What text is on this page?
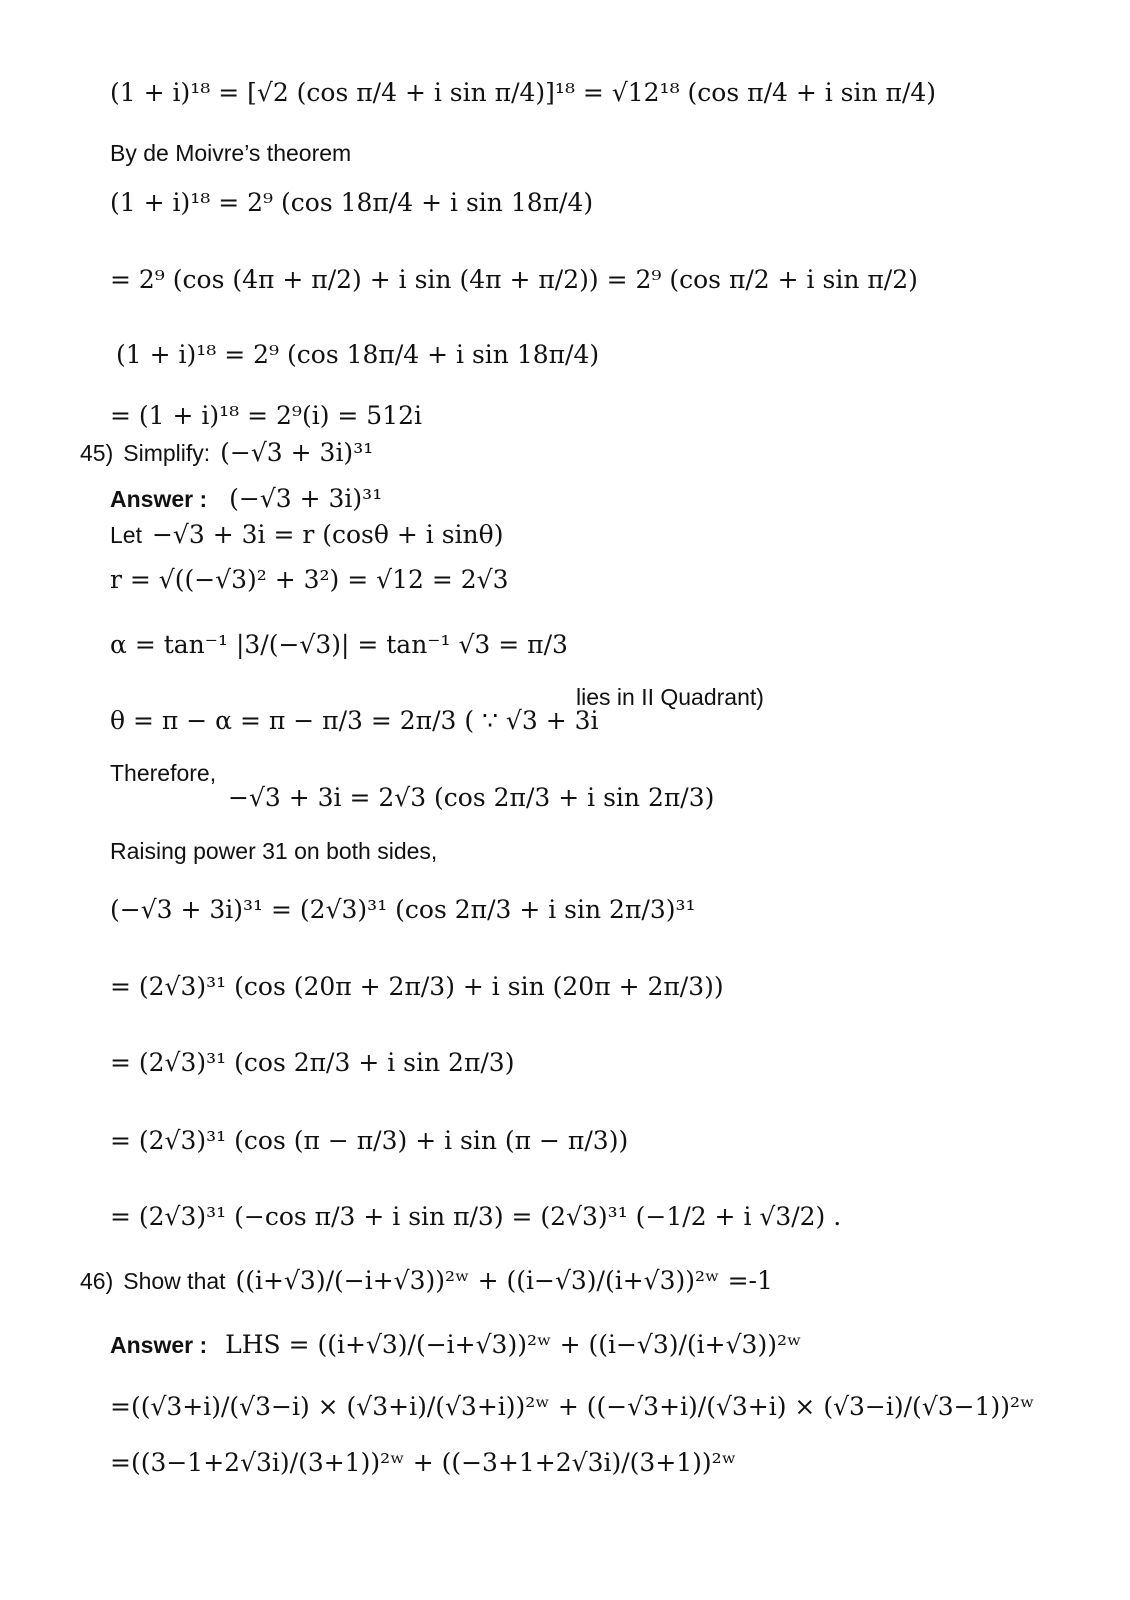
(1 + i)¹⁸ = [√2 (cos π/4 + i sin π/4)]¹⁸ = √12¹⁸ (cos π/4 + i sin π/4)
By de Moivre’s theorem
(1 + i)¹⁸ = 2⁹ (cos 18π/4 + i sin 18π/4)
= 2⁹ (cos (4π + π/2) + i sin (4π + π/2)) = 2⁹ (cos π/2 + i sin π/2)
(1 + i)¹⁸ = 2⁹ (cos 18π/4 + i sin 18π/4)
= (1 + i)¹⁸ = 2⁹(i) = 512i
45) Simplify: (−√3 + 3i)³¹
Answer : (−√3 + 3i)³¹
Let −√3 + 3i = r (cosθ + i sinθ)
r = √((−√3)² + 3²) = √12 = 2√3
α = tan⁻¹ |3/(−√3)| = tan⁻¹ √3 = π/3
θ = π − α = π − π/3 = 2π/3 ( ∵ √3 + 3i
lies in II Quadrant)
Therefore,
−√3 + 3i = 2√3 (cos 2π/3 + i sin 2π/3)
Raising power 31 on both sides,
(−√3 + 3i)³¹ = (2√3)³¹ (cos 2π/3 + i sin 2π/3)³¹
= (2√3)³¹ (cos (20π + 2π/3) + i sin (20π + 2π/3))
= (2√3)³¹ (cos 2π/3 + i sin 2π/3)
= (2√3)³¹ (cos (π − π/3) + i sin (π − π/3))
= (2√3)³¹ (−cos π/3 + i sin π/3) = (2√3)³¹ (−1/2 + i √3/2) .
46) Show that ((i+√3)/(−i+√3))²ʷ + ((i−√3)/(i+√3))²ʷ =-1
Answer : LHS = ((i+√3)/(−i+√3))²ʷ + ((i−√3)/(i+√3))²ʷ
=((√3+i)/(√3−i) × (√3+i)/(√3+i))²ʷ + ((−√3+i)/(√3+i) × (√3−i)/(√3−1))²ʷ
=((3−1+2√3i)/(3+1))²ʷ + ((−3+1+2√3i)/(3+1))²ʷ
